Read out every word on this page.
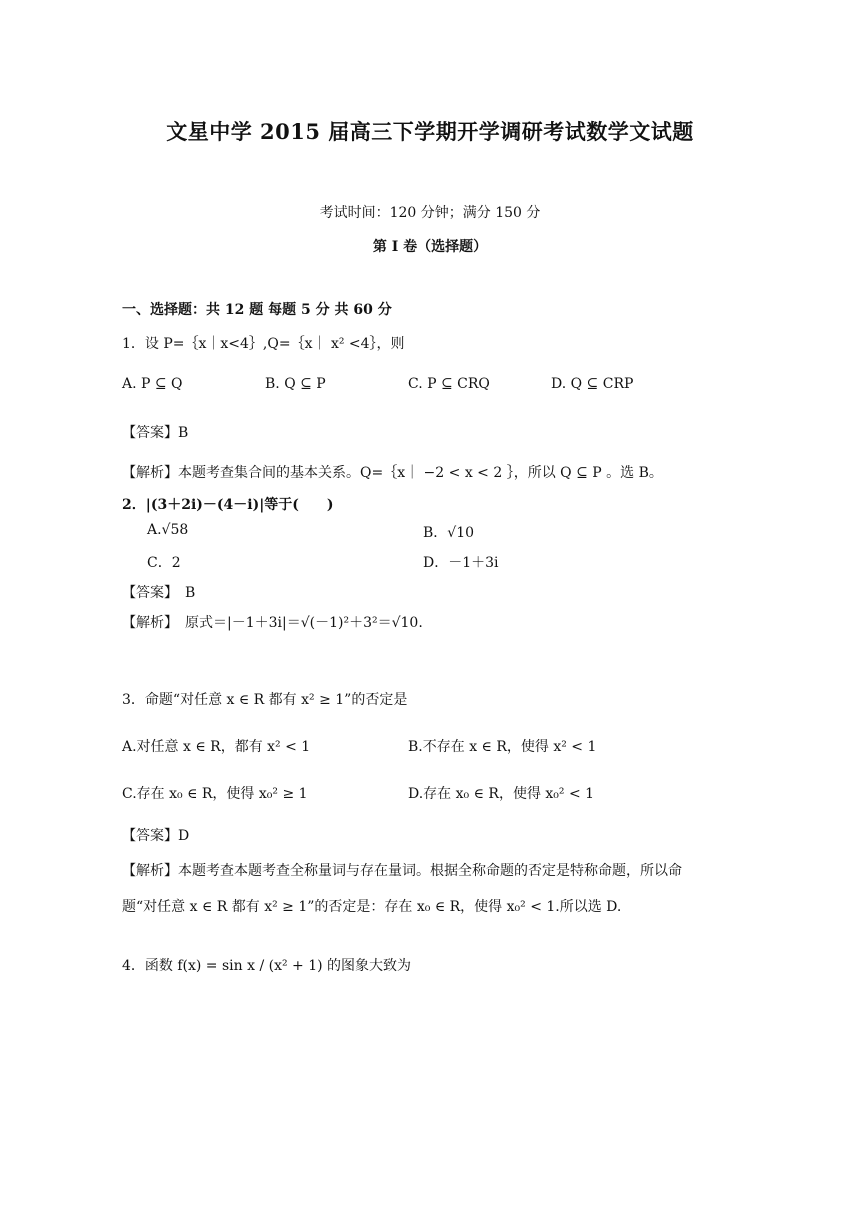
文星中学 2015 届高三下学期开学调研考试数学文试题
考试时间：120 分钟；满分 150 分
第 I 卷（选择题）
一、选择题：共 12 题 每题 5 分 共 60 分
1．设 P=｛x｜x<4｝,Q=｛x｜ x² <4｝，则
A. P ⊆ Q	B. Q ⊆ P	C. P ⊆ CRQ	D. Q ⊆ CRP
【答案】B
【解析】本题考查集合间的基本关系。Q=｛x｜ −2 < x < 2 ｝，所以 Q ⊆ P 。选 B。
2．|(3＋2i)－(4－i)|等于(　　)
A.√58	B．√10
C．2	D．－1＋3i
【答案】　B
【解析】　原式＝|－1＋3i|＝√(－1)²＋3²＝√10.
3．命题“对任意 x ∈ R 都有 x² ≥ 1”的否定是
A.对任意 x ∈ R，都有 x² < 1	B.不存在 x ∈ R，使得 x² < 1
C.存在 x₀ ∈ R，使得 x₀² ≥ 1	D.存在 x₀ ∈ R，使得 x₀² < 1
【答案】D
【解析】本题考查本题考查全称量词与存在量词。根据全称命题的否定是特称命题，所以命
题“对任意 x ∈ R 都有 x² ≥ 1”的否定是：存在 x₀ ∈ R，使得 x₀² < 1.所以选 D.
4．函数 f(x) = sin x / (x² + 1) 的图象大致为
